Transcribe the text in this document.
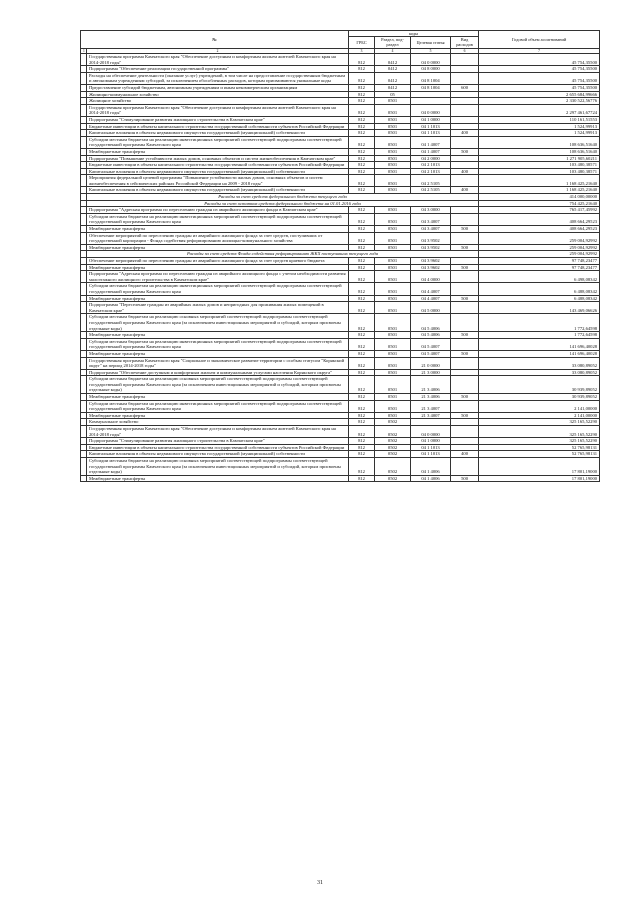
№		коды				Годовой объем ассигнований
		ГРБС	Раздел, под- раздел	Целевая статья	Вид расходов	
1	2	3	4	5	6	7
	Государственная программа Камчатского края "Обеспечение доступным и комфортным жильем жителей Камчатского края на 2014-2018 годы"	812	0412	04 0 0000		45 754,35500
	Подпрограмма "Обеспечение реализации государственной программы"	812	0412	04 8 0000		45 754,35500
	Расходы на обеспечение деятельности (оказание услуг) учреждений, в том числе на предоставление государственным бюджетным и автономным учреждениям субсидий, за исключением обособленных расходов, которым присваиваются уникальные коды	812	0412	04 8 1004		45 754,35500
	Предоставление субсидий бюджетным, автономным учреждениям и иным некоммерческим организациям	812	0412	04 8 1004	600	45 754,35500
	Жилищно-коммунальное хозяйство	812	05			2 655 684,99666
	Жилищное хозяйство	812	0501			2 330 522,56776
	Государственная программа Камчатского края "Обеспечение доступным и комфортным жильем жителей Камчатского края на 2014-2018 годы"	812	0501	04 0 0000		2 297 461,67724
	Подпрограмма "Стимулирование развития жилищного строительства в Камчатском крае"	812	0501	04 1 0000		110 161,51553
	Бюджетные инвестиции в объекты капитального строительства государственной собственности субъектов Российской Федерации	812	0501	04 1 1013		1 524,99913
	Капитальные вложения в объекты недвижимого имущества государственной (муниципальной) собственности	812	0501	04 1 1013	400	1 524,99913
	Субсидии местным бюджетам на реализацию инвестиционных мероприятий соответствующей подпрограммы соответствующей государственной программы Камчатского края	812	0501	04 1 4007		108 636,51640
	Межбюджетные трансферты	812	0501	04 1 4007	500	108 636,51640
	Подпрограмма "Повышение устойчивости жилых домов, основных объектов и систем жизнеобеспечения в Камчатском крае"	812	0501	04 2 0000		1 271 905,60211
	Бюджетные инвестиции в объекты капитального строительства государственной собственности субъектов Российской Федерации	812	0501	04 2 1013		103 480,38571
	Капитальные вложения в объекты недвижимого имущества государственной (муниципальной) собственности	812	0501	04 2 1013	400	103 480,38571
	Мероприятия федеральной целевой программы "Повышение устойчивости жилых домов, основных объектов и систем жизнеобеспечения в сейсмических районах Российской Федерации на 2009 - 2018 годы"	812	0501	04 2 5105		1 168 425,21640
	Капитальные вложения в объекты недвижимого имущества государственной (муниципальной) собственности	812	0501	04 2 5105	400	1 168 425,21640
	Расходы за счет средств федерального бюджета текущего года					414 000,00000
	Расходы за счет остатков средств федерального бюджета на 01.01.2016 года					754 425,21640
	Подпрограмма "Адресная программа по переселению граждан из аварийного жилищного фонда в Камчатском крае"	812	0501	04 3 0000		765 417,45992
	Субсидии местным бюджетам на реализацию инвестиционных мероприятий соответствующей подпрограммы соответствующей государственной программы Камчатского края	812	0501	04 3 4007		408 664,29523
	Межбюджетные трансферты	812	0501	04 3 4007	500	408 664,29523
	Обеспечение мероприятий по переселению граждан из аварийного жилищного фонда за счет средств, поступивших от государственной корпорации - Фонда содействия реформированию жилищно-коммунального хозяйства	812	0501	04 3 9502		259 004,92992
	Межбюджетные трансферты	812	0501	04 3 9502	500	259 004,92992
	Расходы за счет средств Фонда содействия реформированию ЖКХ поступивших текущего года					259 004,92992
	Обеспечение мероприятий по переселению граждан из аварийного жилищного фонда за счет средств краевого бюджета	812	0501	04 3 9602		97 748,23477
	Межбюджетные трансферты	812	0501	04 3 9602	500	97 748,23477
	Подпрограмма "Адресная программа по переселению граждан из аварийного жилищного фонда с учетом необходимости развития малоэтажного жилищного строительства в Камчатском крае"	812	0501	04 4 0000		6 498,08342
	Субсидии местным бюджетам на реализацию инвестиционных мероприятий соответствующей подпрограммы соответствующей государственной программы Камчатского края	812	0501	04 4 4007		6 488,08342
	Межбюджетные трансферты	812	0501	04 4 4007	500	6 488,08342
	Подпрограмма "Переселение граждан из аварийных жилых домов и непригодных для проживания жилых помещений в Камчатском крае"	812	0501	04 5 0000		143 469,06626
	Субсидии местным бюджетам на реализацию основных мероприятий соответствующей подпрограммы соответствующей государственной программы Камчатского края (за исключением инвестиционных мероприятий и субсидий, которым присвоены отдельные коды)	812	0501	04 5 4006		1 772,64598
	Межбюджетные трансферты	812	0501	04 5 4006	500	1 772,64598
	Субсидии местным бюджетам на реализацию инвестиционных мероприятий соответствующей подпрограммы соответствующей государственной программы Камчатского края	812	0501	04 5 4007		141 696,40028
	Межбюджетные трансферты	812	0501	04 5 4007	500	141 696,40028
	Государственная программа Камчатского края "Социальное и экономическое развитие территории с особым статусом "Корякский округ" на период 2014-2018 годы"	812	0501	21 0 0000		33 080,89052
	Подпрограмма "Обеспечение доступным и комфортным жильем и коммунальными услугами населения Корякского округа"	812	0501	21 3 0000		33 080,89052
	Субсидии местным бюджетам на реализацию основных мероприятий соответствующей подпрограммы соответствующей государственной программы Камчатского края (за исключением инвестиционных мероприятий и субсидий, которым присвоены отдельные коды)	812	0501	21 3 4006		30 939,89052
	Межбюджетные трансферты	812	0501	21 3 4006	500	30 939,89052
	Субсидии местным бюджетам на реализацию инвестиционных мероприятий соответствующей подпрограммы соответствующей государственной программы Камчатского края	812	0501	21 3 4007		2 141,00000
	Межбюджетные трансферты	812	0501	21 3 4007	500	2 141,00000
	Коммунальное хозяйство	812	0502			325 165,52290
	Государственная программа Камчатского края "Обеспечение доступным и комфортным жильем жителей Камчатского края на 2014-2018 годы"	812	0502	04 0 0000		325 165,52290
	Подпрограмма "Стимулирование развития жилищного строительства в Камчатском крае"	812	0502	04 1 0000		325 165,52290
	Бюджетные инвестиции в объекты капитального строительства государственной собственности субъектов Российской Федерации	812	0502	04 1 1013		52 765,98131
	Капитальные вложения в объекты недвижимого имущества государственной (муниципальной) собственности	812	0502	04 1 1013	400	52 765,98131
	Субсидии местным бюджетам на реализацию основных мероприятий соответствующей подпрограммы соответствующей государственной программы Камчатского края (за исключением инвестиционных мероприятий и субсидий, которым присвоены отдельные коды)	812	0502	04 1 4006		17 801,19000
	Межбюджетные трансферты	812	0502	04 1 4006	500	17 801,19000
31
